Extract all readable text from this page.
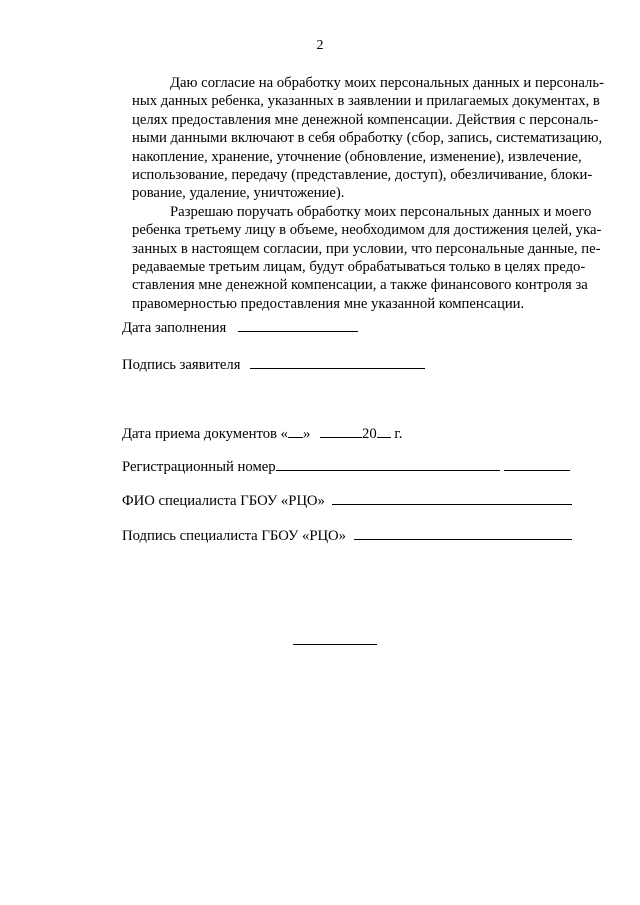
2
Даю согласие на обработку моих персональных данных и персональ-
ных данных ребенка, указанных в заявлении и прилагаемых документах, в
целях предоставления мне денежной компенсации. Действия с персональ-
ными данными включают в себя обработку (сбор, запись, систематизацию,
накопление, хранение, уточнение (обновление, изменение), извлечение,
использование, передачу (представление, доступ), обезличивание, блоки-
рование, удаление, уничтожение).
Разрешаю поручать обработку моих персональных данных и моего
ребенка третьему лицу в объеме, необходимом для достижения целей, ука-
занных в настоящем согласии, при условии, что персональные данные, пе-
редаваемые третьим лицам, будут обрабатываться только в целях предо-
ставления мне денежной компенсации, а также финансового контроля за
правомерностью предоставления мне указанной компенсации.
Дата заполнения
Подпись заявителя
Дата приема документов « »	20 г.
Регистрационный номер
ФИО специалиста ГБОУ «РЦО»
Подпись специалиста ГБОУ «РЦО»
